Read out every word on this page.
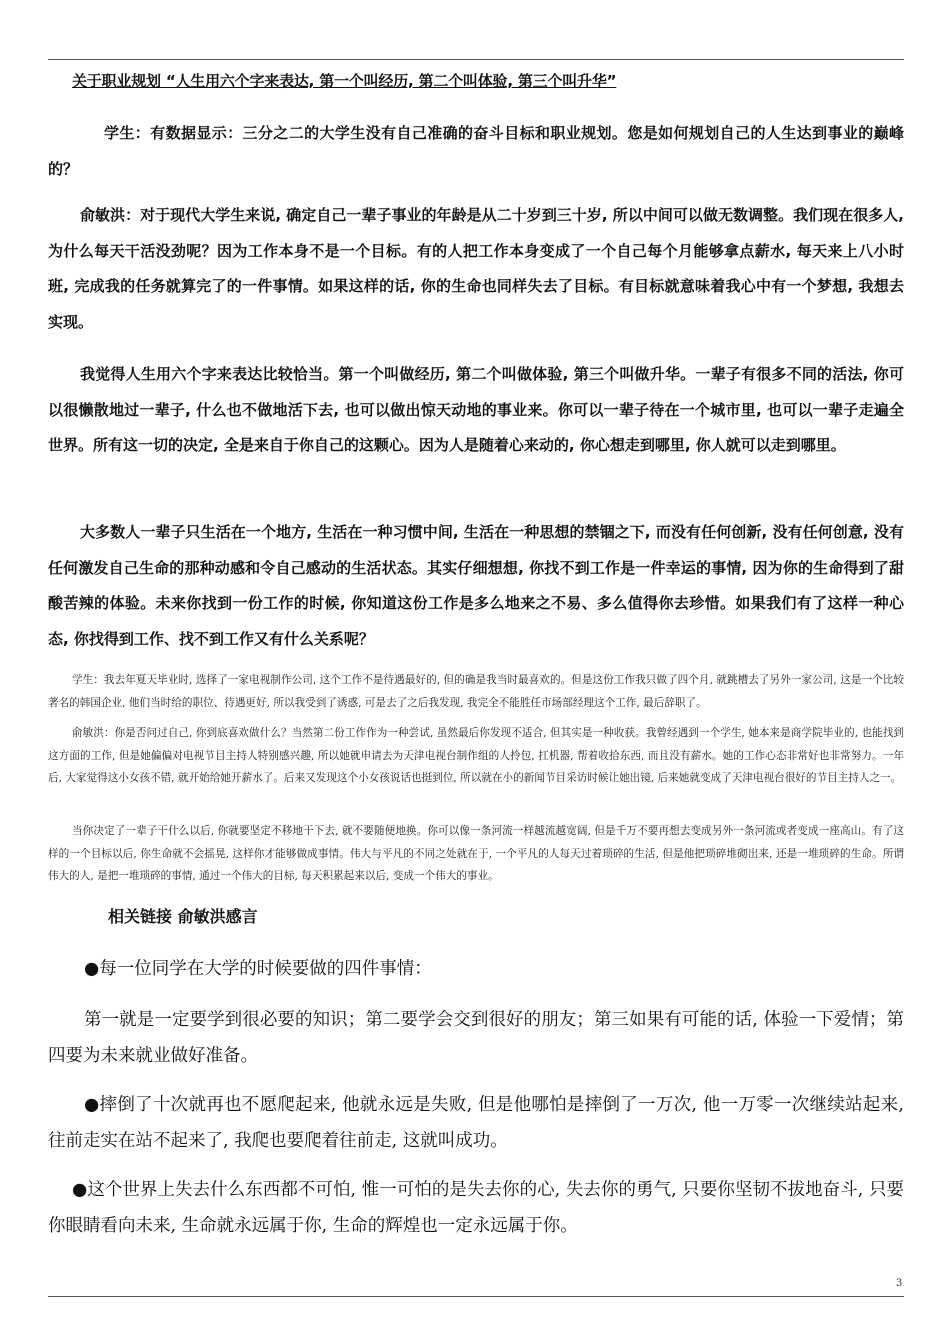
关于职业规划 “人生用六个字来表达, 第一个叫经历, 第二个叫体验, 第三个叫升华”

学生：有数据显示：三分之二的大学生没有自己准确的奋斗目标和职业规划。您是如何规划自己的人生达到事业的巅峰的？

俞敏洪：对于现代大学生来说, 确定自己一辈子事业的年龄是从二十岁到三十岁, 所以中间可以做无数调整。我们现在很多人, 为什么每天干活没劲呢？因为工作本身不是一个目标。有的人把工作本身变成了一个自己每个月能够拿点薪水, 每天来上八小时班, 完成我的任务就算完了的一件事情。如果这样的话, 你的生命也同样失去了目标。有目标就意味着我心中有一个梦想, 我想去实现。

我觉得人生用六个字来表达比较恰当。第一个叫做经历, 第二个叫做体验, 第三个叫做升华。一辈子有很多不同的活法, 你可以很懒散地过一辈子, 什么也不做地活下去, 也可以做出惊天动地的事业来。你可以一辈子待在一个城市里, 也可以一辈子走遍全世界。所有这一切的决定, 全是来自于你自己的这颗心。因为人是随着心来动的, 你心想走到哪里, 你人就可以走到哪里。

大多数人一辈子只生活在一个地方, 生活在一种习惯中间, 生活在一种思想的禁锢之下, 而没有任何创新, 没有任何创意, 没有任何激发自己生命的那种动感和令自己感动的生活状态。其实仔细想想, 你找不到工作是一件幸运的事情, 因为你的生命得到了甜酸苦辣的体验。未来你找到一份工作的时候, 你知道这份工作是多么地来之不易、多么值得你去珍惜。如果我们有了这样一种心态, 你找得到工作、找不到工作又有什么关系呢？

学生：我去年夏天毕业时, 选择了一家电视制作公司, 这个工作不是待遇最好的, 但的确是我当时最喜欢的。但是这份工作我只做了四个月, 就跳槽去了另外一家公司, 这是一个比较著名的韩国企业, 他们当时给的职位、待遇更好, 所以我受到了诱惑, 可是去了之后我发现, 我完全不能胜任市场部经理这个工作, 最后辞职了。

俞敏洪：你是否问过自己, 你到底喜欢做什么？当然第二份工作作为一种尝试, 虽然最后你发现不适合, 但其实是一种收获。我曾经遇到一个学生, 她本来是商学院毕业的, 也能找到这方面的工作, 但是她偏偏对电视节目主持人特别感兴趣, 所以她就申请去为天津电视台制作组的人拎包, 扛机器, 帮着收拾东西, 而且没有薪水。她的工作心态非常好也非常努力。一年后, 大家觉得这小女孩不错, 就开始给她开薪水了。后来又发现这个小女孩说话也挺到位, 所以就在小的新闻节目采访时候让她出镜, 后来她就变成了天津电视台很好的节目主持人之一。

当你决定了一辈子干什么以后, 你就要坚定不移地干下去, 就不要随便地换。你可以像一条河流一样越流越宽阔, 但是千万不要再想去变成另外一条河流或者变成一座高山。有了这样的一个目标以后, 你生命就不会摇晃, 这样你才能够做成事情。伟大与平凡的不同之处就在于, 一个平凡的人每天过着琐碎的生活, 但是他把琐碎堆砌出来, 还是一堆琐碎的生命。所谓伟大的人, 是把一堆琐碎的事情, 通过一个伟大的目标, 每天积累起来以后, 变成一个伟大的事业。

相关链接 俞敏洪感言

●每一位同学在大学的时候要做的四件事情：

第一就是一定要学到很必要的知识；第二要学会交到很好的朋友；第三如果有可能的话, 体验一下爱情；第四要为未来就业做好准备。

●摔倒了十次就再也不愿爬起来, 他就永远是失败, 但是他哪怕是摔倒了一万次, 他一万零一次继续站起来, 往前走实在站不起来了, 我爬也要爬着往前走, 这就叫成功。

●这个世界上失去什么东西都不可怕, 惟一可怕的是失去你的心, 失去你的勇气, 只要你坚韧不拔地奋斗, 只要你眼睛看向未来, 生命就永远属于你, 生命的辉煌也一定永远属于你。

3
